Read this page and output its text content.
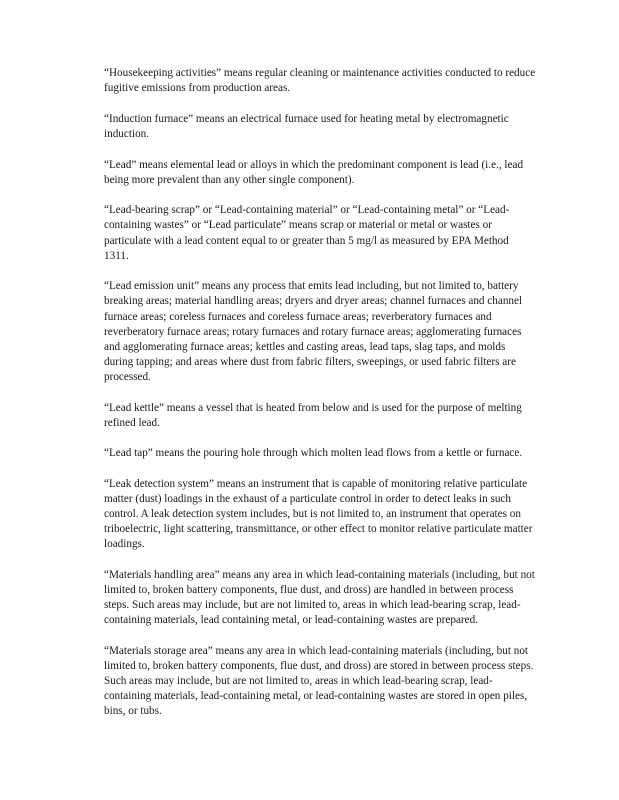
“Housekeeping activities” means regular cleaning or maintenance activities conducted to reduce fugitive emissions from production areas.

“Induction furnace” means an electrical furnace used for heating metal by electromagnetic induction.

“Lead” means elemental lead or alloys in which the predominant component is lead (i.e., lead being more prevalent than any other single component).

“Lead-bearing scrap” or “Lead-containing material” or “Lead-containing metal” or “Lead-containing wastes” or “Lead particulate” means scrap or material or metal or wastes or particulate with a lead content equal to or greater than 5 mg/l as measured by EPA Method 1311.

“Lead emission unit” means any process that emits lead including, but not limited to, battery breaking areas; material handling areas; dryers and dryer areas; channel furnaces and channel furnace areas; coreless furnaces and coreless furnace areas; reverberatory furnaces and reverberatory furnace areas; rotary furnaces and rotary furnace areas; agglomerating furnaces and agglomerating furnace areas; kettles and casting areas, lead taps, slag taps, and molds during tapping; and areas where dust from fabric filters, sweepings, or used fabric filters are processed.

“Lead kettle” means a vessel that is heated from below and is used for the purpose of melting refined lead.

“Lead tap” means the pouring hole through which molten lead flows from a kettle or furnace.

“Leak detection system” means an instrument that is capable of monitoring relative particulate matter (dust) loadings in the exhaust of a particulate control in order to detect leaks in such control. A leak detection system includes, but is not limited to, an instrument that operates on triboelectric, light scattering, transmittance, or other effect to monitor relative particulate matter loadings.

“Materials handling area” means any area in which lead-containing materials (including, but not limited to, broken battery components, flue dust, and dross) are handled in between process steps. Such areas may include, but are not limited to, areas in which lead-bearing scrap, lead-containing materials, lead containing metal, or lead-containing wastes are prepared.

“Materials storage area” means any area in which lead-containing materials (including, but not limited to, broken battery components, flue dust, and dross) are stored in between process steps. Such areas may include, but are not limited to, areas in which lead-bearing scrap, lead-containing materials, lead-containing metal, or lead-containing wastes are stored in open piles, bins, or tubs.
